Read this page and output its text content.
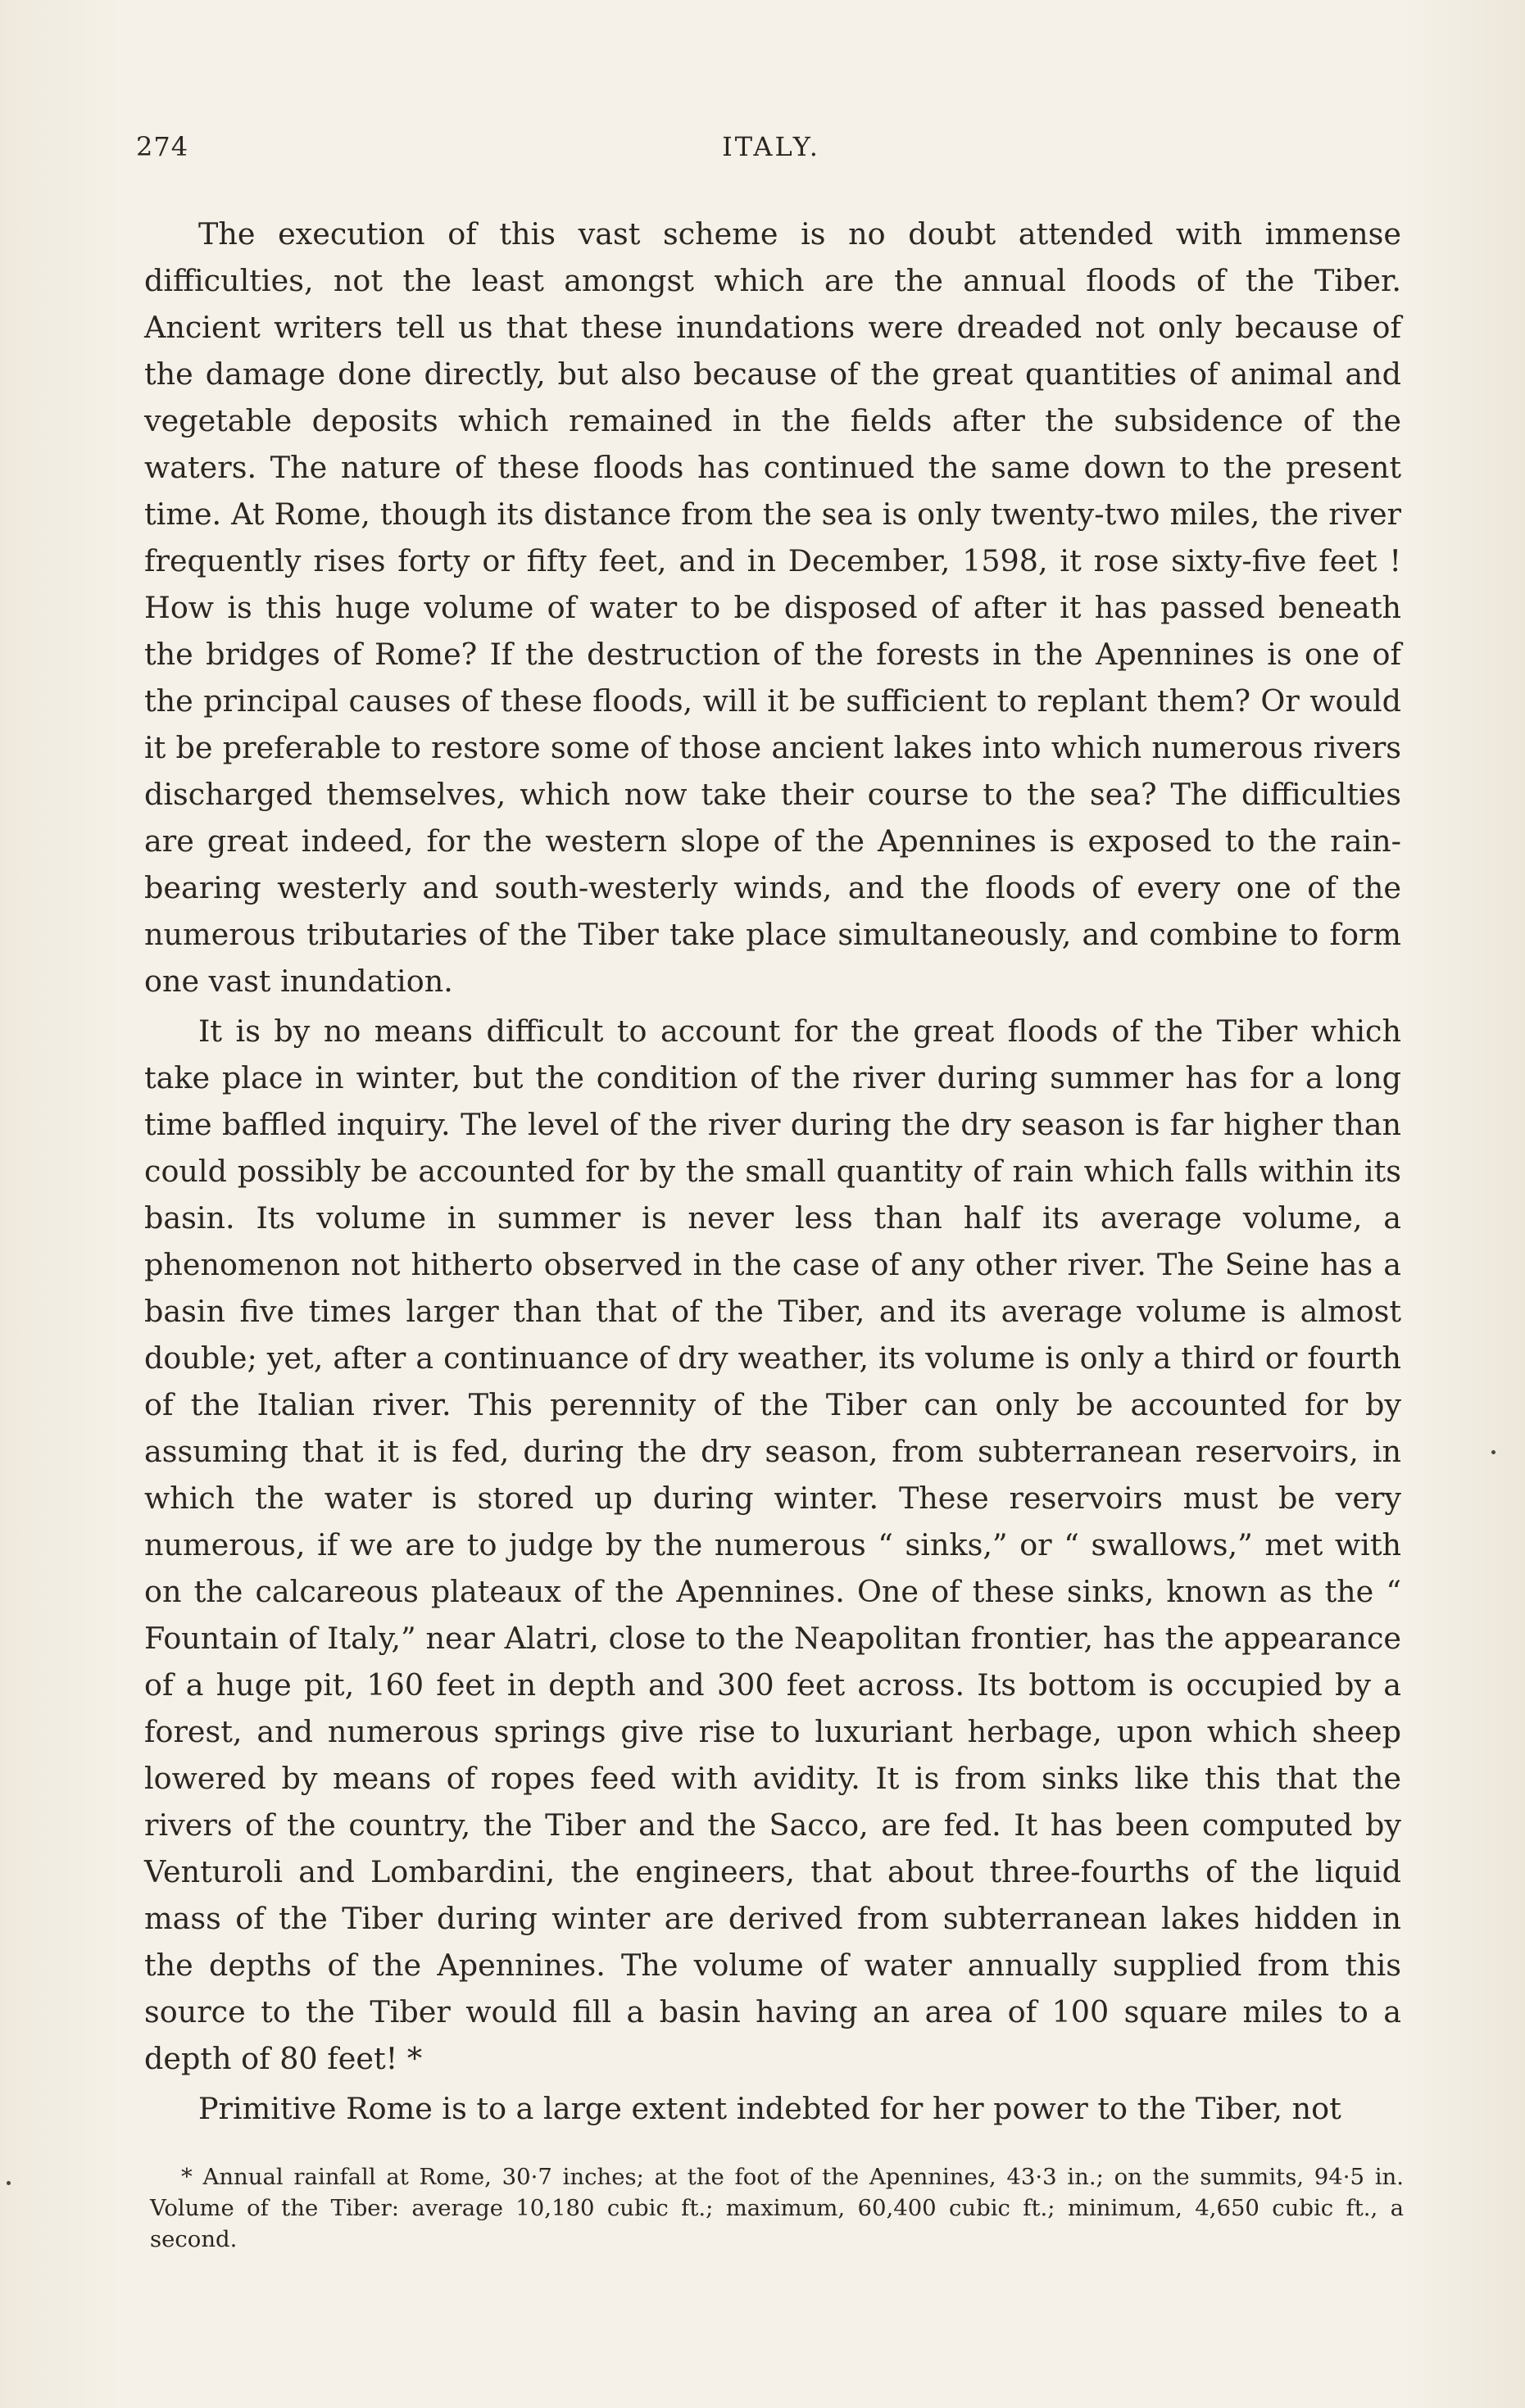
274	ITALY.

The execution of this vast scheme is no doubt attended with immense difficulties, not the least amongst which are the annual floods of the Tiber. Ancient writers tell us that these inundations were dreaded not only because of the damage done directly, but also because of the great quantities of animal and vegetable deposits which remained in the fields after the subsidence of the waters. The nature of these floods has continued the same down to the present time. At Rome, though its distance from the sea is only twenty-two miles, the river frequently rises forty or fifty feet, and in December, 1598, it rose sixty-five feet ! How is this huge volume of water to be disposed of after it has passed beneath the bridges of Rome? If the destruction of the forests in the Apennines is one of the principal causes of these floods, will it be sufficient to replant them? Or would it be preferable to restore some of those ancient lakes into which numerous rivers discharged themselves, which now take their course to the sea? The difficulties are great indeed, for the western slope of the Apennines is exposed to the rain-bearing westerly and south-westerly winds, and the floods of every one of the numerous tributaries of the Tiber take place simultaneously, and combine to form one vast inundation.

It is by no means difficult to account for the great floods of the Tiber which take place in winter, but the condition of the river during summer has for a long time baffled inquiry. The level of the river during the dry season is far higher than could possibly be accounted for by the small quantity of rain which falls within its basin. Its volume in summer is never less than half its average volume, a phenomenon not hitherto observed in the case of any other river. The Seine has a basin five times larger than that of the Tiber, and its average volume is almost double; yet, after a continuance of dry weather, its volume is only a third or fourth of the Italian river. This perennity of the Tiber can only be accounted for by assuming that it is fed, during the dry season, from subterranean reservoirs, in which the water is stored up during winter. These reservoirs must be very numerous, if we are to judge by the numerous “ sinks,” or “ swallows,” met with on the calcareous plateaux of the Apennines. One of these sinks, known as the “ Fountain of Italy,” near Alatri, close to the Neapolitan frontier, has the appearance of a huge pit, 160 feet in depth and 300 feet across. Its bottom is occupied by a forest, and numerous springs give rise to luxuriant herbage, upon which sheep lowered by means of ropes feed with avidity. It is from sinks like this that the rivers of the country, the Tiber and the Sacco, are fed. It has been computed by Venturoli and Lombardini, the engineers, that about three-fourths of the liquid mass of the Tiber during winter are derived from subterranean lakes hidden in the depths of the Apennines. The volume of water annually supplied from this source to the Tiber would fill a basin having an area of 100 square miles to a depth of 80 feet! *

Primitive Rome is to a large extent indebted for her power to the Tiber, not

* Annual rainfall at Rome, 30·7 inches; at the foot of the Apennines, 43·3 in.; on the summits, 94·5 in. Volume of the Tiber: average 10,180 cubic ft.; maximum, 60,400 cubic ft.; minimum, 4,650 cubic ft., a second.
